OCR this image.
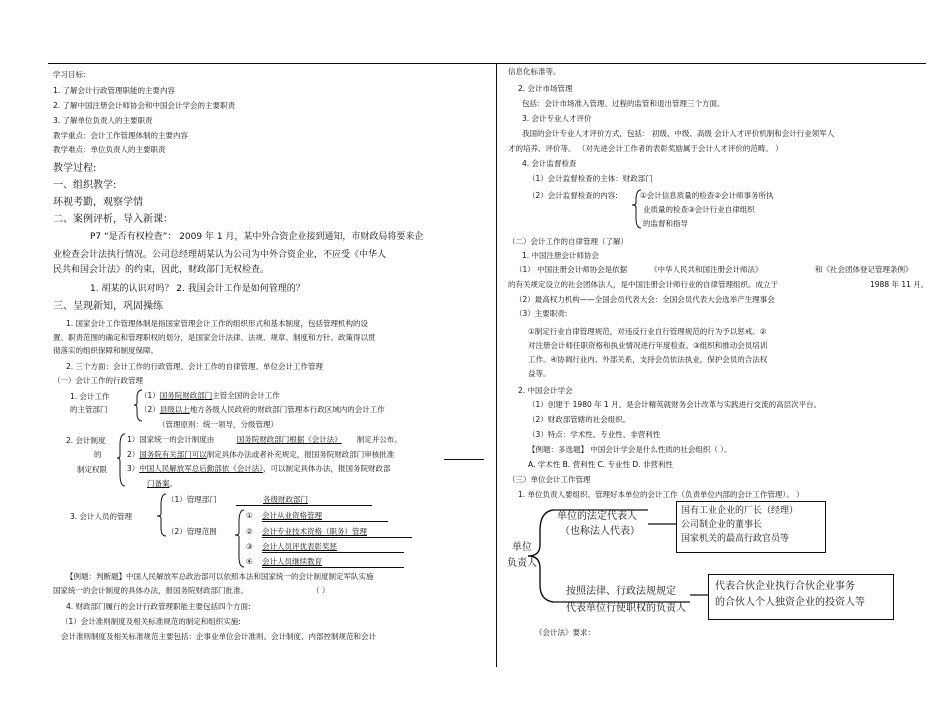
学习目标:
1. 了解会计行政管理职能的主要内容
2. 了解中国注册会计师协会和中国会计学会的主要职责
3. 了解单位负责人的主要职责
教学重点：会计工作管理体制的主要内容
教学难点：单位负责人的主要职责
教学过程:
一、组织教学:
环视考勤，观察学情
二、案例评析，导入新课：
P7 “是否有权检查”： 2009 年 1 月，某中外合资企业接到通知，市财政局将要来企
业检查会计法执行情况。公司总经理胡某认为公司为中外合资企业，不应受《中华人
民共和国会计法》的约束，因此，财政部门无权检查。
1. 胡某的认识对吗？ 2. 我国会计工作是如何管理的？
三、呈现新知，巩固操练
1. 国家会计工作管理体制是指国家管理会计工作的组织形式和基本制度，包括管理机构的设
置、职责范围的确定和管理职权的划分，是国家会计法律、法规、规章、制度和方针、政策得以贯
彻落实的组织保障和制度保障。
2. 三个方面：会计工作的行政管理、会计工作的自律管理、单位会计工作管理
（一）会计工作的行政管理
1. 会计工作
的主管部门
（1）国务院财政部门主管全国的会计工作
（2）县级以上地方各级人民政府的财政部门管理本行政区域内的会计工作
（管理原则：统一领导，分级管理）
2. 会计制度
的
制定权限
1）国家统一的会计制度由   	国务院财政部门根据《会计法》   制定并公布。
2）国务院有关部门可以制定具体办法或者补充规定，报国务院财政部门审核批准
3）中国人民解放军总后勤部依《会计法》，可以制定具体办法，报国务院财政部
门备案。
3. 会计人员的管理
（1）管理部门	各级财政部门
（2）管理范围
① 会计从业资格管理
② 会计专业技术资格（职务）管理
③ 会计人员评优表彰奖惩
④ 会计人员继续教育
【例题：判断题】中国人民解放军总政治部可以依照本法和国家统一的会计制度制定军队实施
国家统一的会计制度的具体办法，报国务院财政部门批准。	（ ）
4. 财政部门履行的会计行政管理职能主要包括四个方面:
（1）会计准则制度及相关标准规范的制定和组织实施:
会计准则制度及相关标准规范主要包括：企事业单位会计准则、会计制度、内部控制规范和会计
信息化标准等。
2. 会计市场管理
包括：会计市场准入管理、过程的监管和退出管理三个方面。
3. 会计专业人才评价
我国的会计专业人才评价方式，包括： 初级、中级、高级 会计人才评价机制和会计行业领军人
才的培养、评价等。 （对先进会计工作者的表彰奖励属于会计人才评价的范畴。 ）
4. 会计监督检查
（1）会计监督检查的主体：财政部门
（2）会计监督检查的内容:	①会计信息质量的检查②会计师事务所执
业质量的检查③会计行业自律组织
的监督和指导
（二）会计工作的自律管理（了解）
1. 中国注册会计师协会
（1） 中国注册会计师协会是依据	《中华人民共和国注册会计师法》	和《社会团体登记管理条例》
的有关规定设立的社会团体法人，是中国注册会计师行业的自律管理组织。成立于	1988 年 11 月。
（2）最高权力机构——全国会员代表大会：全国会员代表大会选举产生理事会
（3）主要职责:
①制定行业自律管理规范，对违反行业自行管理规范的行为予以惩戒。②
对注册会计师任职资格和执业情况进行年度检查。③组织和推动会员培训
工作。④协调行业内、外部关系，支持会员依法执业，保护会员的合法权
益等。
2. 中国会计学会
（1）创建于 1980 年 1 月。是会计精英就财务会计改革与实践进行交流的高层次平台。
（2）财政部管辖的社会组织。
（3）特点：学术性、专业性、非营利性
【例题：多选题】 中国会计学会是什么性质的社会组织（ ）。
A. 学术性 B. 营利性 C. 专业性 D. 非营利性
（三）单位会计工作管理
1. 单位负责人要组织、管理好本单位的会计工作（负责单位内部的会计工作管理）。 ）
单位
负责人
单位的法定代表人
（也称法人代表）
国有工业企业的厂长（经理）
公司制企业的董事长
国家机关的最高行政官员等
按照法律、行政法规规定
代表单位行使职权的负责人
代表合伙企业执行合伙企业事务
的合伙人个人独资企业的投资人等
《会计法》要求：
